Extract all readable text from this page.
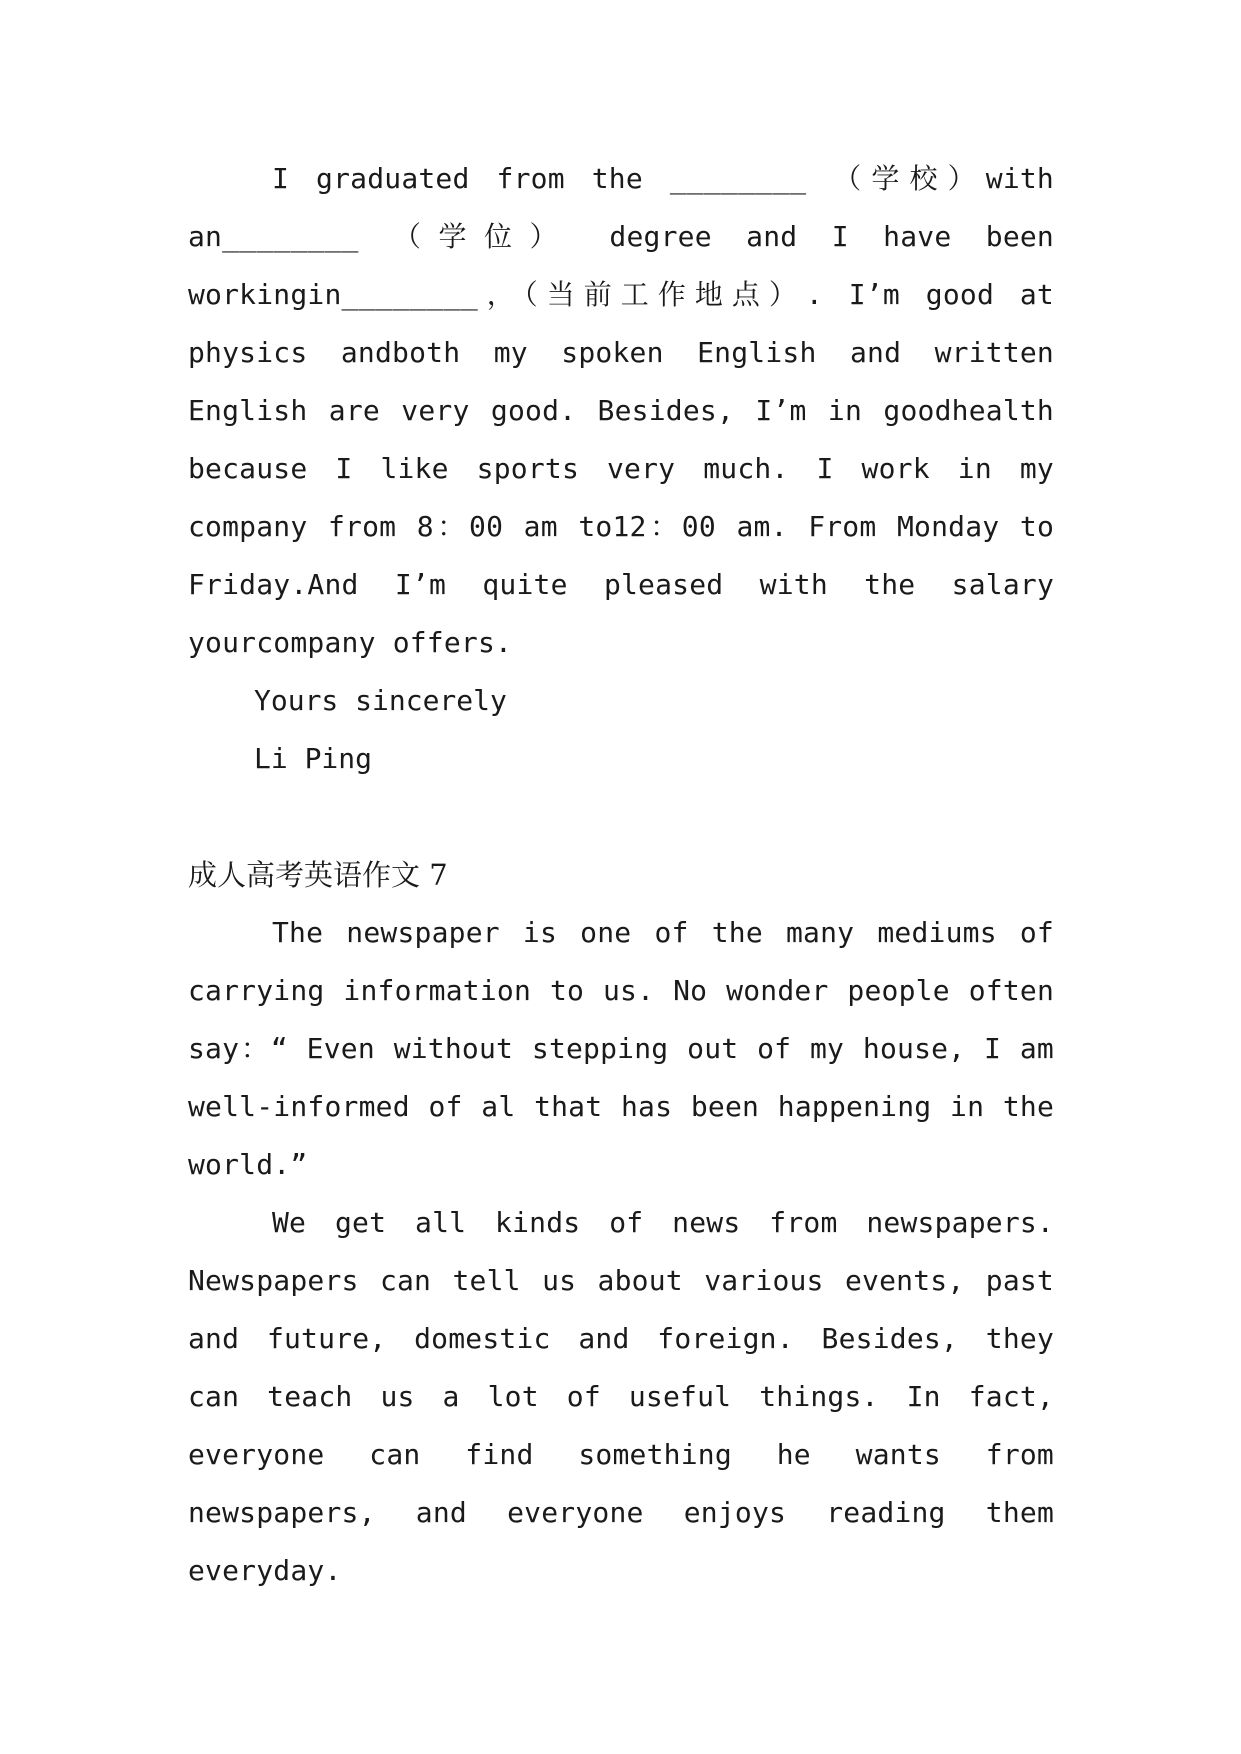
I graduated from the ________ （学校）with an________ （学位） degree and I have been workingin________，（当前工作地点）. I’m good at physics andboth my spoken English and written English are very good. Besides, I’m in goodhealth because I like sports very much. I work in my company from 8：00 am to12：00 am. From Monday to Friday.And I’m quite pleased with the salary yourcompany offers.

Yours sincerely

Li Ping

成人高考英语作文 7

The newspaper is one of the many mediums of carrying information to us. No wonder people often say：“ Even without stepping out of my house, I am well-informed of al that has been happening in the world.”

We get all kinds of news from newspapers. Newspapers can tell us about various events, past and future, domestic and foreign. Besides, they can teach us a lot of useful things. In fact, everyone can find something he wants from newspapers, and everyone enjoys reading them everyday.
